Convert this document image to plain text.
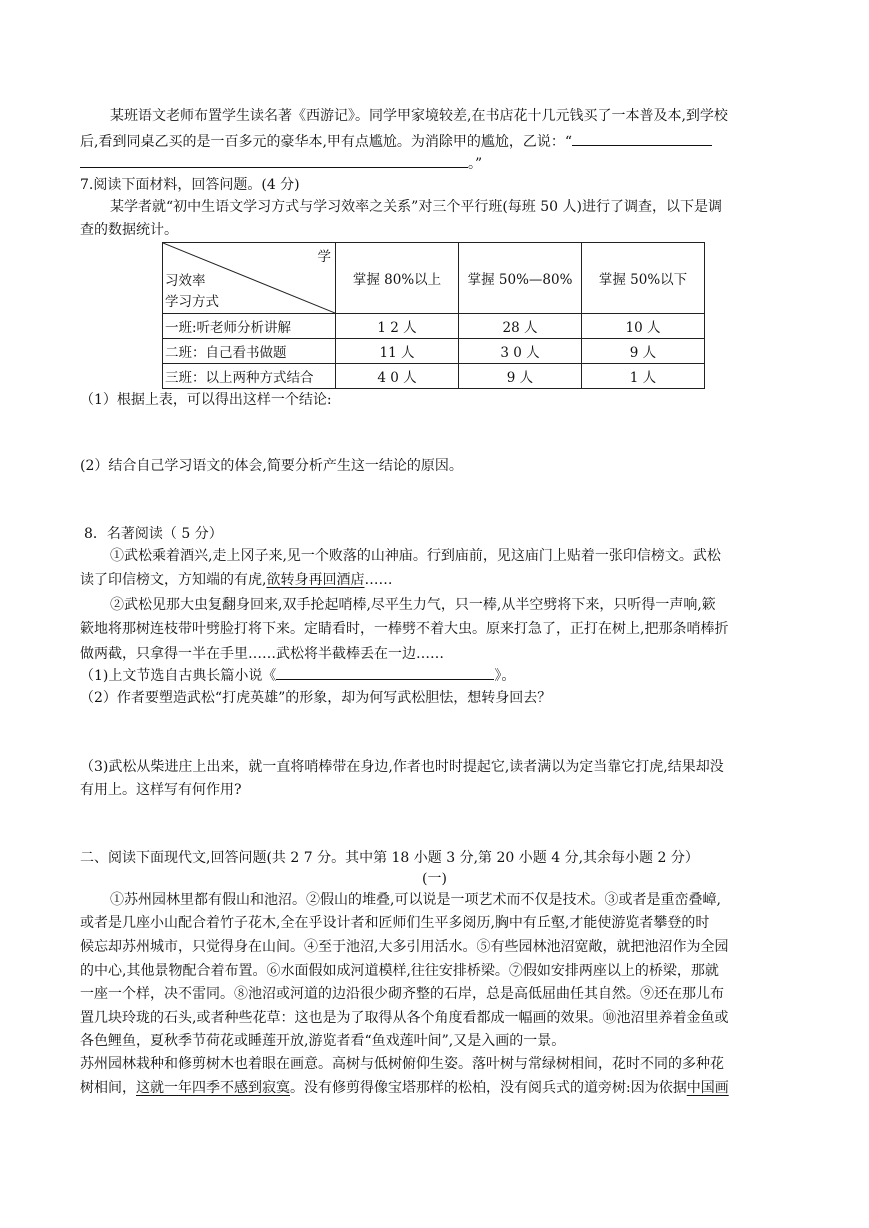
某班语文老师布置学生读名著《西游记》。同学甲家境较差,在书店花十几元钱买了一本普及本,到学校
后,看到同桌乙买的是一百多元的豪华本,甲有点尴尬。为消除甲的尴尬，乙说：“
。”
7.阅读下面材料，回答问题。(4 分)
某学者就“初中生语文学习方式与学习效率之关系”对三个平行班(每班 50 人)进行了调查，以下是调
查的数据统计。
学
习效率
学习方式	掌握 80%以上	掌握 50%—80%	掌握 50%以下
一班:听老师分析讲解	1 2 人	28 人	10 人
二班：自己看书做题	11 人	3 0 人	9 人
三班：以上两种方式结合	4 0 人	9 人	1 人
（1）根据上表，可以得出这样一个结论:
(2）结合自己学习语文的体会,简要分析产生这一结论的原因。
8．名著阅读（ 5 分）
①武松乘着酒兴,走上冈子来,见一个败落的山神庙。行到庙前，见这庙门上贴着一张印信榜文。武松
读了印信榜文，方知端的有虎,欲转身再回酒店……
②武松见那大虫复翻身回来,双手抡起哨棒,尽平生力气，只一棒,从半空劈将下来，只听得一声响,簌
簌地将那树连枝带叶劈脸打将下来。定睛看时，一棒劈不着大虫。原来打急了，正打在树上,把那条哨棒折
做两截，只拿得一半在手里……武松将半截棒丢在一边……
（1)上文节选自古典长篇小说《	》。
（2）作者要塑造武松“打虎英雄”的形象，却为何写武松胆怯，想转身回去？
（3)武松从柴进庄上出来，就一直将哨棒带在身边,作者也时时提起它,读者满以为定当靠它打虎,结果却没
有用上。这样写有何作用?
二、阅读下面现代文,回答问题(共 2 7 分。其中第 18 小题 3 分,第 20 小题 4 分,其余每小题 2 分）
(一)
①苏州园林里都有假山和池沼。②假山的堆叠,可以说是一项艺术而不仅是技术。③或者是重峦叠嶂,
或者是几座小山配合着竹子花木,全在乎设计者和匠师们生平多阅历,胸中有丘壑,才能使游览者攀登的时
候忘却苏州城市，只觉得身在山间。④至于池沼,大多引用活水。⑤有些园林池沼宽敞，就把池沼作为全园
的中心,其他景物配合着布置。⑥水面假如成河道模样,往往安排桥梁。⑦假如安排两座以上的桥梁，那就
一座一个样，决不雷同。⑧池沼或河道的边沿很少砌齐整的石岸，总是高低屈曲任其自然。⑨还在那儿布
置几块玲珑的石头,或者种些花草：这也是为了取得从各个角度看都成一幅画的效果。⑩池沼里养着金鱼或
各色鲤鱼，夏秋季节荷花或睡莲开放,游览者看“鱼戏莲叶间”,又是入画的一景。
苏州园林栽种和修剪树木也着眼在画意。高树与低树俯仰生姿。落叶树与常绿树相间，花时不同的多种花
树相间，这就一年四季不感到寂寞。没有修剪得像宝塔那样的松柏，没有阅兵式的道旁树:因为依据中国画
